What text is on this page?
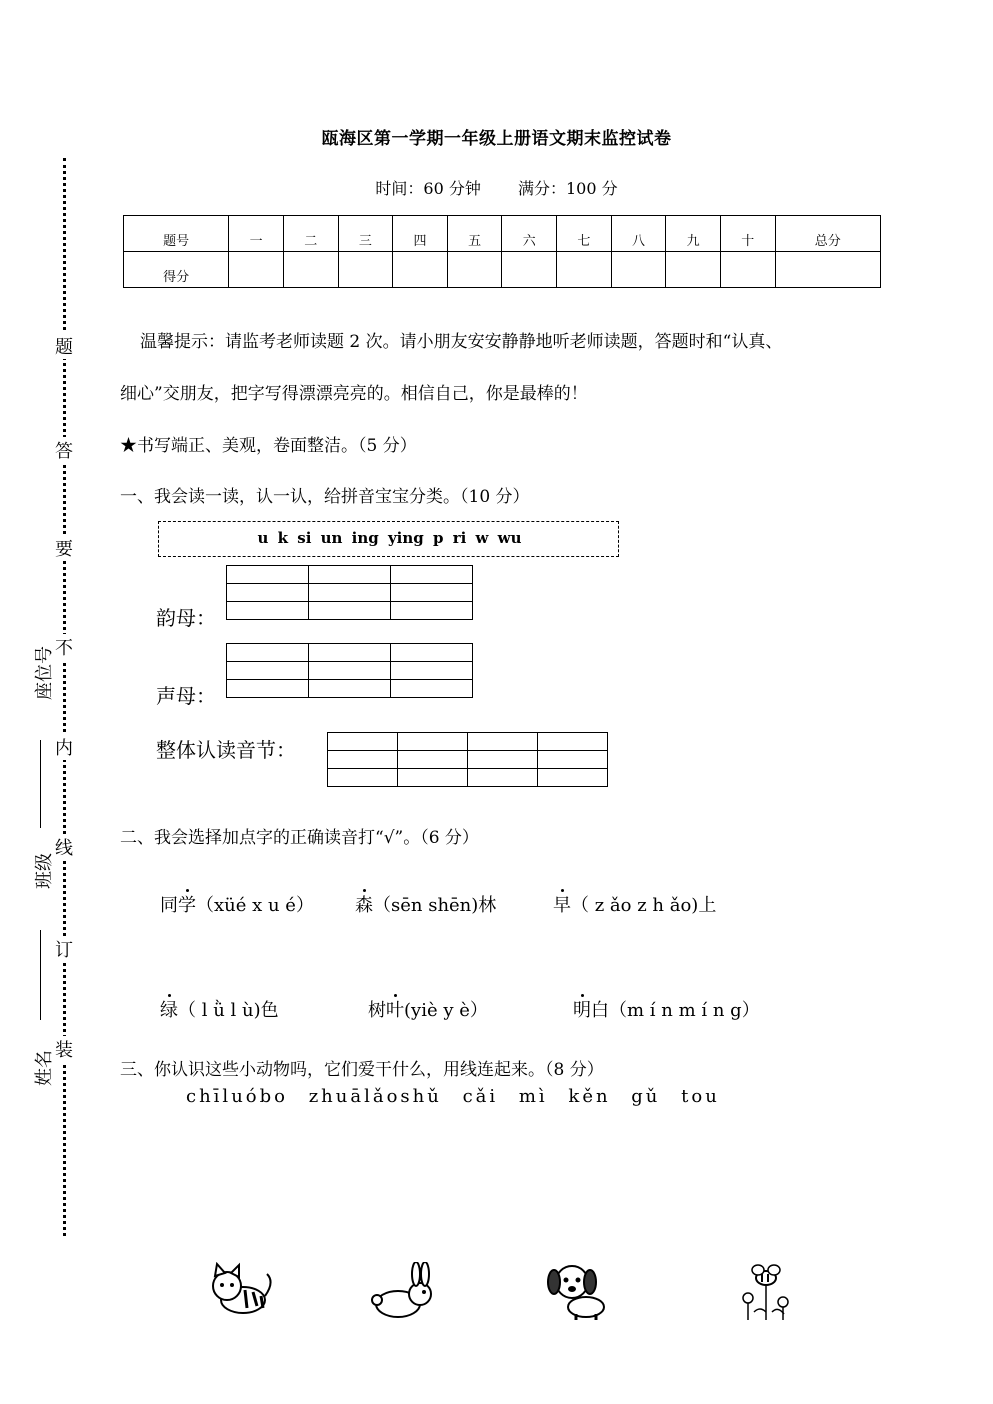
题
答
要
不
内
线
订
装
座位号
班级
姓名
瓯海区第一学期一年级上册语文期末监控试卷
时间：60 分钟 满分：100 分
题号	一	二	三	四	五	六	七	八	九	十	总分
得分											
温馨提示：请监考老师读题 2 次。请小朋友安安静静地听老师读题，答题时和“认真、
细心”交朋友，把字写得漂漂亮亮的。相信自己，你是最棒的！
★书写端正、美观，卷面整洁。（5 分）
一、我会读一读，认一认，给拼音宝宝分类。（10 分）
u k si un ing ying p ri w wu
韵母：

声母：

整体认读音节：

二、我会选择加点字的正确读音打“√”。（6 分）
同学（xüé x u é） 森（sēn shēn)林	早（ z ǎo z h ǎo)上
绿（ l ǜ l ù)色	树叶(yiè y è）	明白（m í n m í n g）
三、你认识这些小动物吗，它们爱干什么，用线连起来。（8 分）
chīluóbo zhuālǎoshǔ cǎi mì kěn gǔ tou
